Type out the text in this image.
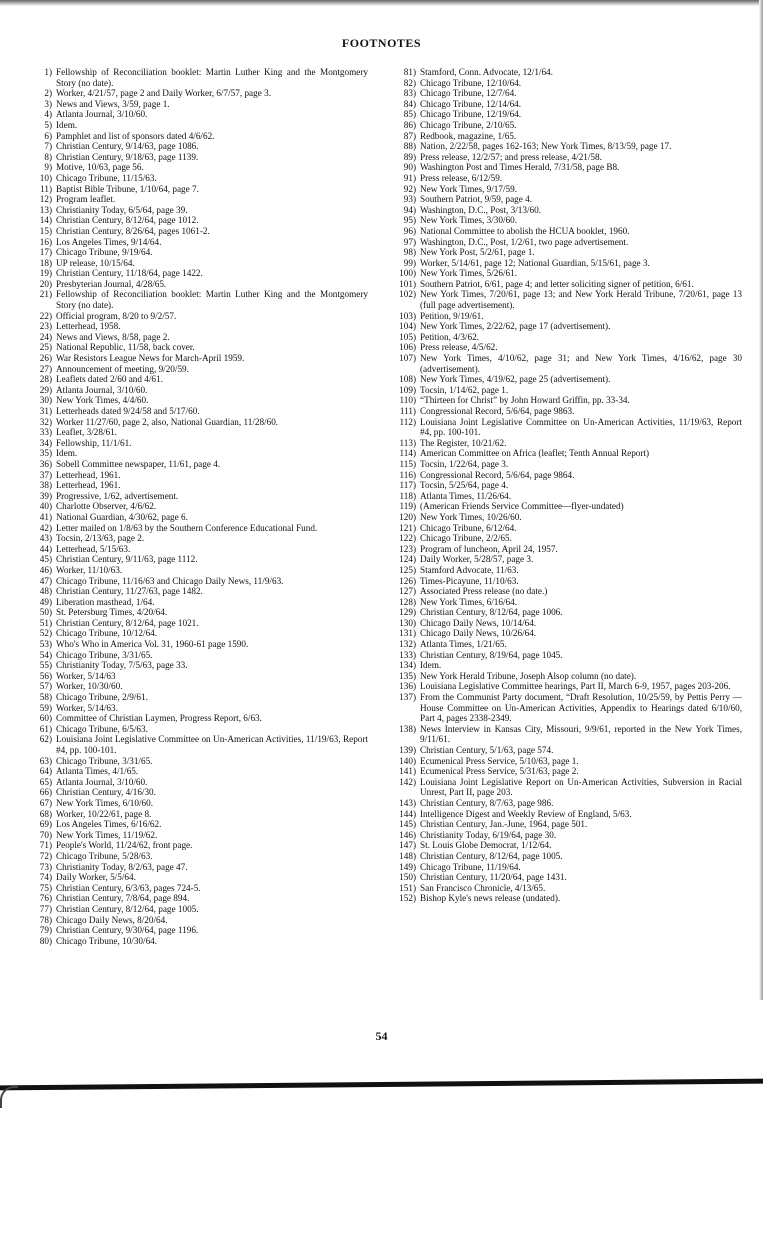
FOOTNOTES
1) Fellowship of Reconciliation booklet: Martin Luther King and the Montgomery Story (no date).
2) Worker, 4/21/57, page 2 and Daily Worker, 6/7/57, page 3.
3) News and Views, 3/59, page 1.
4) Atlanta Journal, 3/10/60.
5) Idem.
6) Pamphlet and list of sponsors dated 4/6/62.
7) Christian Century, 9/14/63, page 1086.
8) Christian Century, 9/18/63, page 1139.
9) Motive, 10/63, page 56.
10) Chicago Tribune, 11/15/63.
11) Baptist Bible Tribune, 1/10/64, page 7.
12) Program leaflet.
13) Christianity Today, 6/5/64, page 39.
14) Christian Century, 8/12/64, page 1012.
15) Christian Century, 8/26/64, pages 1061-2.
16) Los Angeles Times, 9/14/64.
17) Chicago Tribune, 9/19/64.
18) UP release, 10/15/64.
19) Christian Century, 11/18/64, page 1422.
20) Presbyterian Journal, 4/28/65.
21) Fellowship of Reconciliation booklet: Martin Luther King and the Montgomery Story (no date).
22) Official program, 8/20 to 9/2/57.
23) Letterhead, 1958.
24) News and Views, 8/58, page 2.
25) National Republic, 11/58, back cover.
26) War Resistors League News for March-April 1959.
27) Announcement of meeting, 9/20/59.
28) Leaflets dated 2/60 and 4/61.
29) Atlanta Journal, 3/10/60.
30) New York Times, 4/4/60.
31) Letterheads dated 9/24/58 and 5/17/60.
32) Worker 11/27/60, page 2, also, National Guardian, 11/28/60.
33) Leaflet, 3/28/61.
34) Fellowship, 11/1/61.
35) Idem.
36) Sobell Committee newspaper, 11/61, page 4.
37) Letterhead, 1961.
38) Letterhead, 1961.
39) Progressive, 1/62, advertisement.
40) Charlotte Observer, 4/6/62.
41) National Guardian, 4/30/62, page 6.
42) Letter mailed on 1/8/63 by the Southern Conference Educational Fund.
43) Tocsin, 2/13/63, page 2.
44) Letterhead, 5/15/63.
45) Christian Century, 9/11/63, page 1112.
46) Worker, 11/10/63.
47) Chicago Tribune, 11/16/63 and Chicago Daily News, 11/9/63.
48) Christian Century, 11/27/63, page 1482.
49) Liberation masthead, 1/64.
50) St. Petersburg Times, 4/20/64.
51) Christian Century, 8/12/64, page 1021.
52) Chicago Tribune, 10/12/64.
53) Who's Who in America Vol. 31, 1960-61 page 1590.
54) Chicago Tribune, 3/31/65.
55) Christianity Today, 7/5/63, page 33.
56) Worker, 5/14/63
57) Worker, 10/30/60.
58) Chicago Tribune, 2/9/61.
59) Worker, 5/14/63.
60) Committee of Christian Laymen, Progress Report, 6/63.
61) Chicago Tribune, 6/5/63.
62) Louisiana Joint Legislative Committee on Un-American Activities, 11/19/63, Report #4, pp. 100-101.
63) Chicago Tribune, 3/31/65.
64) Atlanta Times, 4/1/65.
65) Atlanta Journal, 3/10/60.
66) Christian Century, 4/16/30.
67) New York Times, 6/10/60.
68) Worker, 10/22/61, page 8.
69) Los Angeles Times, 6/16/62.
70) New York Times, 11/19/62.
71) People's World, 11/24/62, front page.
72) Chicago Tribune, 5/28/63.
73) Christianity Today, 8/2/63, page 47.
74) Daily Worker, 5/5/64.
75) Christian Century, 6/3/63, pages 724-5.
76) Christian Century, 7/8/64, page 894.
77) Christian Century, 8/12/64, page 1005.
78) Chicago Daily News, 8/20/64.
79) Christian Century, 9/30/64, page 1196.
80) Chicago Tribune, 10/30/64.
81) Stamford, Conn. Advocate, 12/1/64.
82) Chicago Tribune, 12/10/64.
83) Chicago Tribune, 12/7/64.
84) Chicago Tribune, 12/14/64.
85) Chicago Tribune, 12/19/64.
86) Chicago Tribune, 2/10/65.
87) Redbook, magazine, 1/65.
88) Nation, 2/22/58, pages 162-163; New York Times, 8/13/59, page 17.
89) Press release, 12/2/57; and press release, 4/21/58.
90) Washington Post and Times Herald, 7/31/58, page B8.
91) Press release, 6/12/59.
92) New York Times, 9/17/59.
93) Southern Patriot, 9/59, page 4.
94) Washington, D.C., Post, 3/13/60.
95) New York Times, 3/30/60.
96) National Committee to abolish the HCUA booklet, 1960.
97) Washington, D.C., Post, 1/2/61, two page advertisement.
98) New York Post, 5/2/61, page 1.
99) Worker, 5/14/61, page 12; National Guardian, 5/15/61, page 3.
100) New York Times, 5/26/61.
101) Southern Patriot, 6/61, page 4; and letter soliciting signer of petition, 6/61.
102) New York Times, 7/20/61, page 13; and New York Herald Tribune, 7/20/61, page 13 (full page advertisement).
103) Petition, 9/19/61.
104) New York Times, 2/22/62, page 17 (advertisement).
105) Petition, 4/3/62.
106) Press release, 4/5/62.
107) New York Times, 4/10/62, page 31; and New York Times, 4/16/62, page 30 (advertisement).
108) New York Times, 4/19/62, page 25 (advertisement).
109) Tocsin, 1/14/62, page 1.
110) “Thirteen for Christ” by John Howard Griffin, pp. 33-34.
111) Congressional Record, 5/6/64, page 9863.
112) Louisiana Joint Legislative Committee on Un-American Activities, 11/19/63, Report #4, pp. 100-101.
113) The Register, 10/21/62.
114) American Committee on Africa (leaflet; Tenth Annual Report)
115) Tocsin, 1/22/64, page 3.
116) Congressional Record, 5/6/64, page 9864.
117) Tocsin, 5/25/64, page 4.
118) Atlanta Times, 11/26/64.
119) (American Friends Service Committee—flyer-undated)
120) New York Times, 10/26/60.
121) Chicago Tribune, 6/12/64.
122) Chicago Tribune, 2/2/65.
123) Program of luncheon, April 24, 1957.
124) Daily Worker, 5/28/57, page 3.
125) Stamford Advocate, 11/63.
126) Times-Picayune, 11/10/63.
127) Associated Press release (no date.)
128) New York Times, 6/16/64.
129) Christian Century, 8/12/64, page 1006.
130) Chicago Daily News, 10/14/64.
131) Chicago Daily News, 10/26/64.
132) Atlanta Times, 1/21/65.
133) Christian Century, 8/19/64, page 1045.
134) Idem.
135) New York Herald Tribune, Joseph Alsop column (no date).
136) Louisiana Legislative Committee hearings, Part II, March 6-9, 1957, pages 203-206.
137) From the Communist Party document, “Draft Resolution, 10/25/59, by Pettis Perry — House Committee on Un-American Activities, Appendix to Hearings dated 6/10/60, Part 4, pages 2338-2349.
138) News Interview in Kansas City, Missouri, 9/9/61, reported in the New York Times, 9/11/61.
139) Christian Century, 5/1/63, page 574.
140) Ecumenical Press Service, 5/10/63, page 1.
141) Ecumenical Press Service, 5/31/63, page 2.
142) Louisiana Joint Legislative Report on Un-American Activities, Subversion in Racial Unrest, Part II, page 203.
143) Christian Century, 8/7/63, page 986.
144) Intelligence Digest and Weekly Review of England, 5/63.
145) Christian Century, Jan.-June, 1964, page 501.
146) Christianity Today, 6/19/64, page 30.
147) St. Louis Globe Democrat, 1/12/64.
148) Christian Century, 8/12/64, page 1005.
149) Chicago Tribune, 11/19/64.
150) Christian Century, 11/20/64, page 1431.
151) San Francisco Chronicle, 4/13/65.
152) Bishop Kyle's news release (undated).
54
